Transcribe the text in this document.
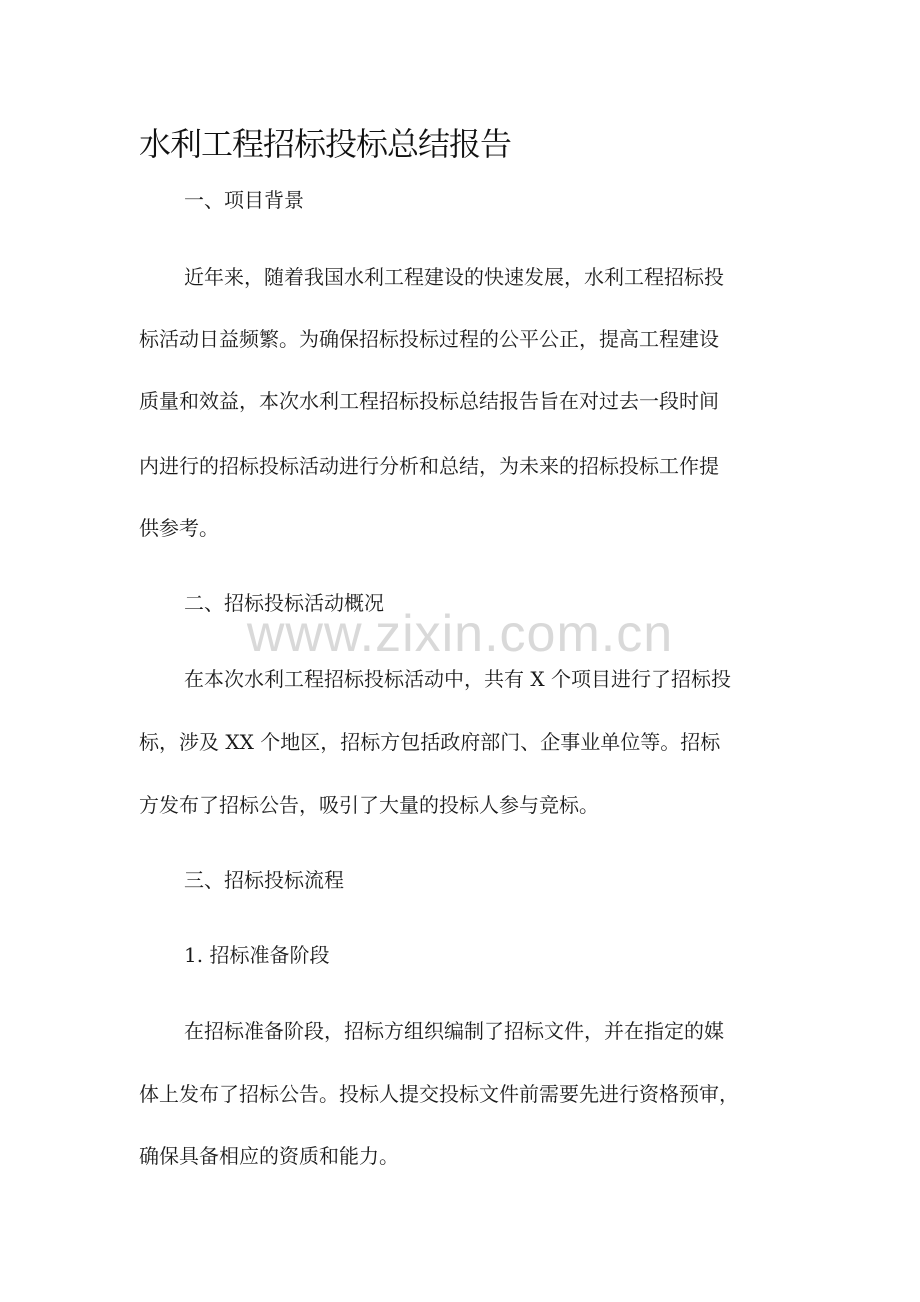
水利工程招标投标总结报告

一、项目背景

近年来，随着我国水利工程建设的快速发展，水利工程招标投

标活动日益频繁。为确保招标投标过程的公平公正，提高工程建设

质量和效益，本次水利工程招标投标总结报告旨在对过去一段时间

内进行的招标投标活动进行分析和总结，为未来的招标投标工作提

供参考。

二、招标投标活动概况

在本次水利工程招标投标活动中，共有 X 个项目进行了招标投

标，涉及 XX 个地区，招标方包括政府部门、企事业单位等。招标

方发布了招标公告，吸引了大量的投标人参与竞标。

三、招标投标流程

1. 招标准备阶段

在招标准备阶段，招标方组织编制了招标文件，并在指定的媒

体上发布了招标公告。投标人提交投标文件前需要先进行资格预审，

确保具备相应的资质和能力。

www.zixin.com.cn
